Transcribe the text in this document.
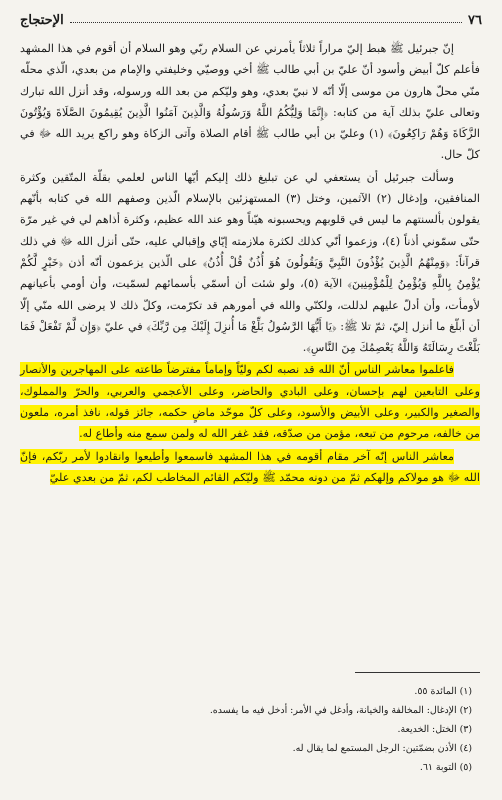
٧٦
الإحتجاج

إنّ جبرئيل ﷺ هبط إليّ مراراً ثلاثاً يأمرني عن السلام ربّي وهو السلام أن أقوم في هذا المشهد فأعلم كلّ أبيض وأسود أنّ عليّ بن أبي طالب ﷺ أخي ووصيّي وخليفتي والإمام من بعدي، الّذي محلّه منّي محلّ هارون من موسى إلّا أنّه لا نبيّ بعدي، وهو وليّكم من بعد الله ورسوله، وقد أنزل الله تبارك وتعالى عليّ بذلك آية من كتابه: ﴿إِنَّمَا وَلِيُّكُمُ اللَّهُ وَرَسُولُهُ وَالَّذِينَ آمَنُوا الَّذِينَ يُقِيمُونَ الصَّلَاةَ وَيُؤْتُونَ الزَّكَاةَ وَهُمْ رَاكِعُونَ﴾ (١) وعليّ بن أبي طالب ﷺ أقام الصلاة وآتى الزكاة وهو راكع يريد الله ﷻ في كلّ حال.

وسألت جبرئيل أن يستعفي لي عن تبليغ ذلك إليكم أيّها الناس لعلمي بقلّة المتّقين وكثرة المنافقين، وإدغال (٢) الآثمين، وختل (٣) المستهزئين بالإسلام الّذين وصفهم الله في كتابه بأنّهم يقولون بألسنتهم ما ليس في قلوبهم ويحسبونه هيّناً وهو عند الله عظيم، وكثرة أذاهم لي في غير مرّة حتّى سمّوني أذناً (٤)، وزعموا أنّي كذلك لكثرة ملازمته إيّاي وإقبالي عليه، حتّى أنزل الله ﷻ في ذلك قرآناً: ﴿وَمِنْهُمُ الَّذِينَ يُؤْذُونَ النَّبِيَّ وَيَقُولُونَ هُوَ أُذُنٌ قُلْ أُذُنُ﴾ على الّذين يزعمون أنّه أذن ﴿خَيْرٍ لَّكُمْ يُؤْمِنُ بِاللَّهِ وَيُؤْمِنُ لِلْمُؤْمِنِينَ﴾ الآية (٥)، ولو شئت أن أسمّي بأسمائهم لسمّيت، وأن أومي بأعيانهم لأومأت، وأن أدلّ عليهم لدللت، ولكنّي والله في أمورهم قد تكرّمت، وكلّ ذلك لا يرضى الله منّي إلّا أن أبلّغ ما أنزل إليّ، ثمّ تلا ﷺ: ﴿يَا أَيُّهَا الرَّسُولُ بَلِّغْ مَا أُنزِلَ إِلَيْكَ مِن رَّبِّكَ﴾ في عليّ ﴿وَإِن لَّمْ تَفْعَلْ فَمَا بَلَّغْتَ رِسَالَتَهُ وَاللَّهُ يَعْصِمُكَ مِنَ النَّاسِ﴾.

فاعلموا معاشر الناس أنّ الله قد نصبه لكم وليّاً وإماماً مفترضاً طاعته على المهاجرين والأنصار وعلى التابعين لهم بإحسان، وعلى البادي والحاضر، وعلى الأعجمي والعربي، والحرّ والمملوك، والصغير والكبير، وعلى الأبيض والأسود، وعلى كلّ موحّد ماضٍ حكمه، جائز قوله، نافذ أمره، ملعون من خالفه، مرحوم من تبعه، مؤمن من صدّقه، فقد غفر الله له ولمن سمع منه وأطاع له.

معاشر الناس إنّه آخر مقام أقومه في هذا المشهد فاسمعوا وأطيعوا وانقادوا لأمر ربّكم، فإنّ الله ﷻ هو مولاكم وإلهكم ثمّ من دونه محمّد ﷺ وليّكم القائم المخاطب لكم، ثمّ من بعدي عليّ

(١) المائدة ٥٥.
(٢) الإدغال: المخالفة والخيانة، وأدغل في الأمر: أدخل فيه ما يفسده.
(٣) الختل: الخديعة.
(٤) الأذن بضمّتين: الرجل المستمع لما يقال له.
(٥) التوبة ٦١.
